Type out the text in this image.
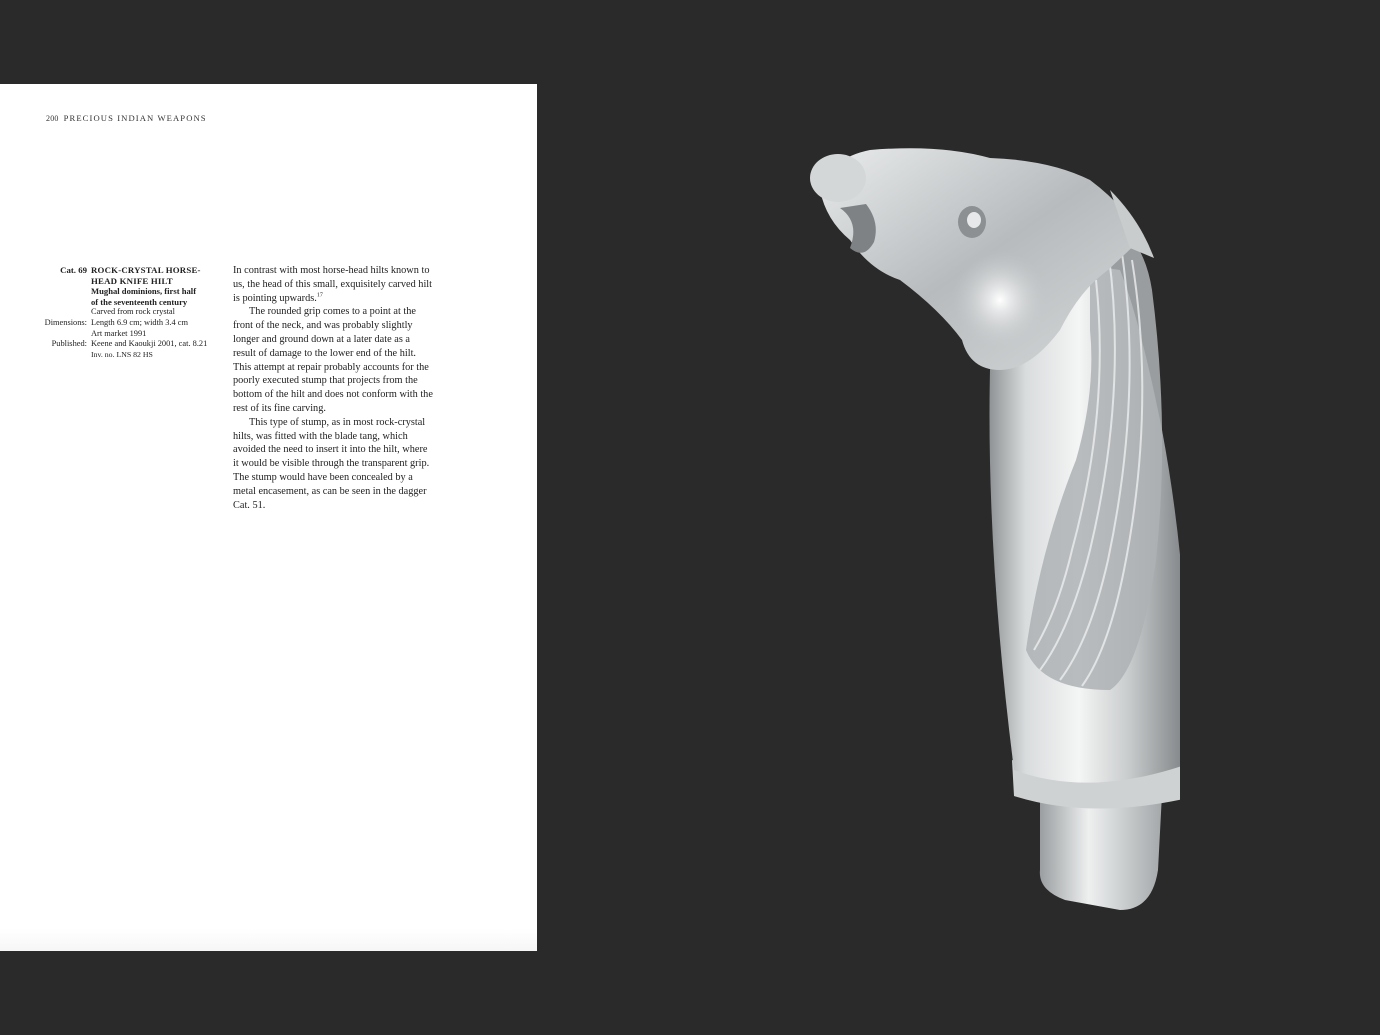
200 PRECIOUS INDIAN WEAPONS
Cat. 69 ROCK-CRYSTAL HORSE-
HEAD KNIFE HILT
Mughal dominions, first half
of the seventeenth century
Carved from rock crystal
Dimensions: Length 6.9 cm; width 3.4 cm
Art market 1991
Published: Keene and Kaoukji 2001, cat. 8.21
Inv. no. LNS 82 HS

In contrast with most horse-head hilts known to us, the head of this small, exquisitely carved hilt is pointing upwards.$^{17}$

The rounded grip comes to a point at the front of the neck, and was probably slightly longer and ground down at a later date as a result of damage to the lower end of the hilt. This attempt at repair probably accounts for the poorly executed stump that projects from the bottom of the hilt and does not conform with the rest of its fine carving.

This type of stump, as in most rock-crystal hilts, was fitted with the blade tang, which avoided the need to insert it into the hilt, where it would be visible through the transparent grip. The stump would have been concealed by a metal encasement, as can be seen in the dagger Cat. 51.
